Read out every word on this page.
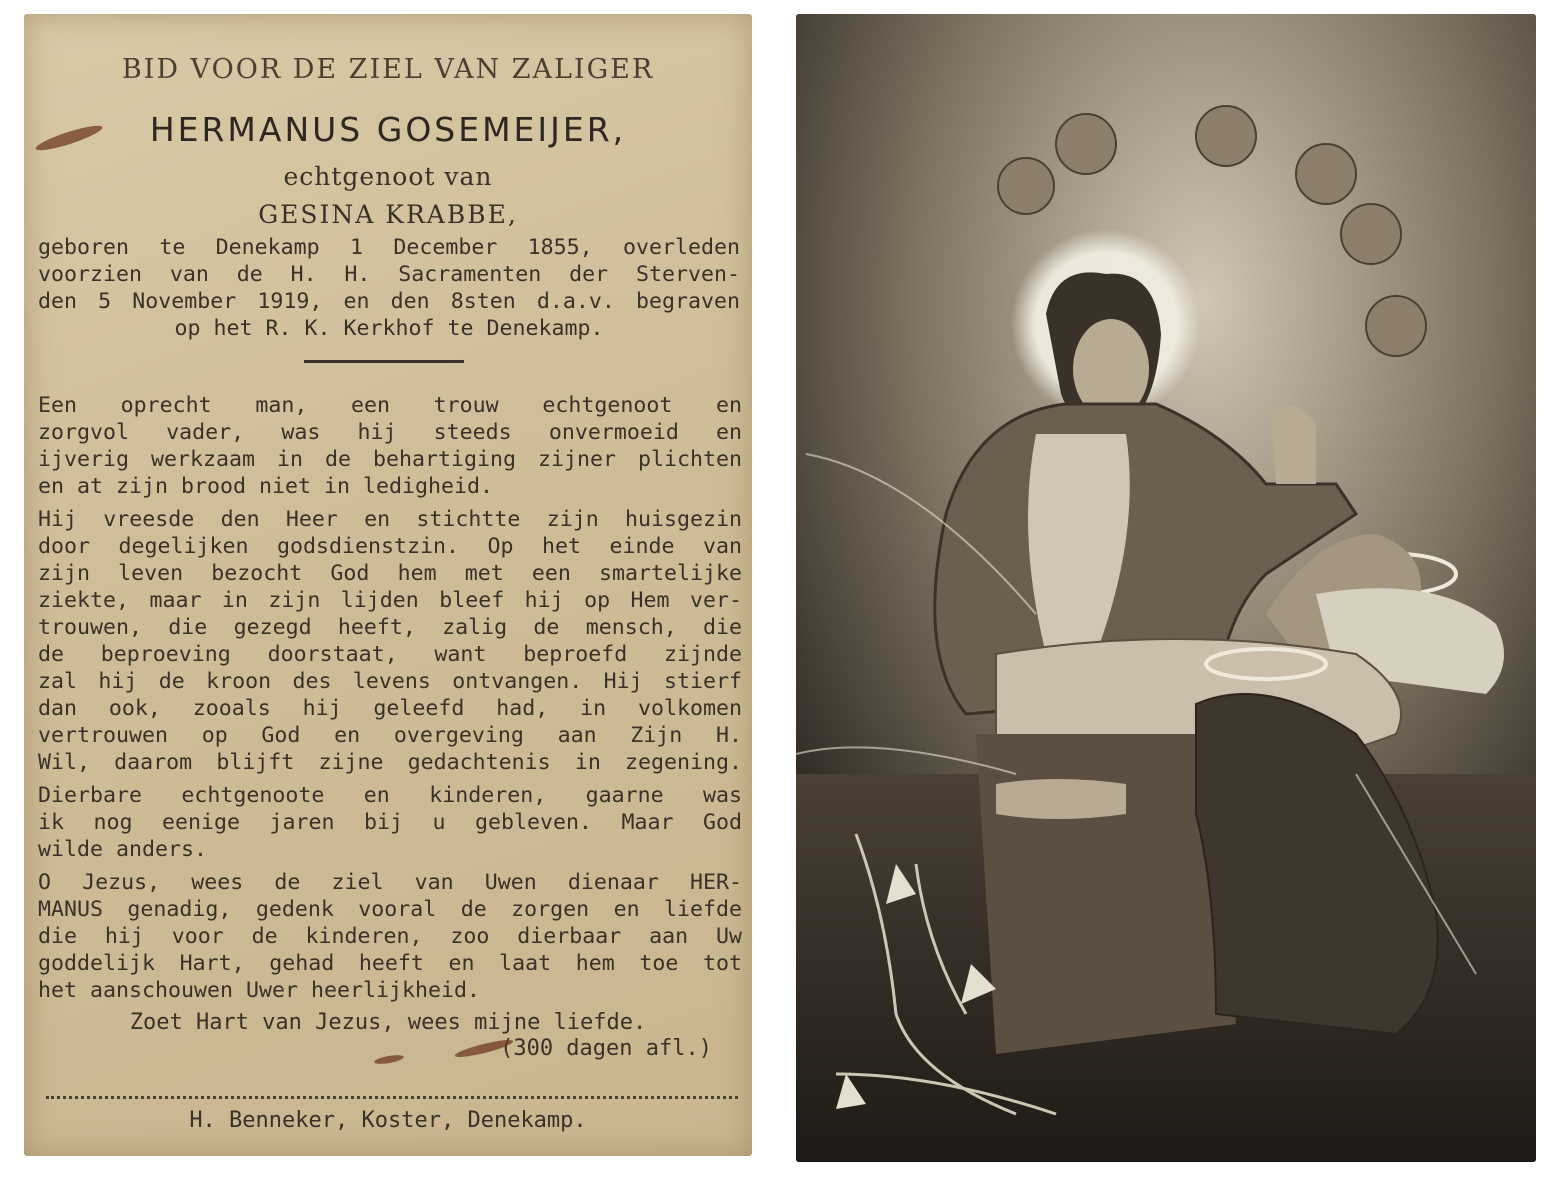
BID VOOR DE ZIEL VAN ZALIGER
HERMANUS GOSEMEIJER,
echtgenoot van
GESINA KRABBE,
geboren te Denekamp 1 December 1855, overleden
voorzien van de H. H. Sacramenten der Sterven-
den 5 November 1919, en den 8sten d.a.v. begraven
op het R. K. Kerkhof te Denekamp.
Een oprecht man, een trouw echtgenoot en
zorgvol vader, was hij steeds onvermoeid en
ijverig werkzaam in de behartiging zijner plichten
en at zijn brood niet in ledigheid.
Hij vreesde den Heer en stichtte zijn huisgezin
door degelijken godsdienstzin. Op het einde van
zijn leven bezocht God hem met een smartelijke
ziekte, maar in zijn lijden bleef hij op Hem ver-
trouwen, die gezegd heeft, zalig de mensch, die
de beproeving doorstaat, want beproefd zijnde
zal hij de kroon des levens ontvangen. Hij stierf
dan ook, zooals hij geleefd had, in volkomen
vertrouwen op God en overgeving aan Zijn H.
Wil, daarom blijft zijne gedachtenis in zegening.
Dierbare echtgenoote en kinderen, gaarne was
ik nog eenige jaren bij u gebleven. Maar God
wilde anders.
O Jezus, wees de ziel van Uwen dienaar HER-
MANUS genadig, gedenk vooral de zorgen en liefde
die hij voor de kinderen, zoo dierbaar aan Uw
goddelijk Hart, gehad heeft en laat hem toe tot
het aanschouwen Uwer heerlijkheid.
Zoet Hart van Jezus, wees mijne liefde.
(300 dagen afl.)
H. Benneker, Koster, Denekamp.
